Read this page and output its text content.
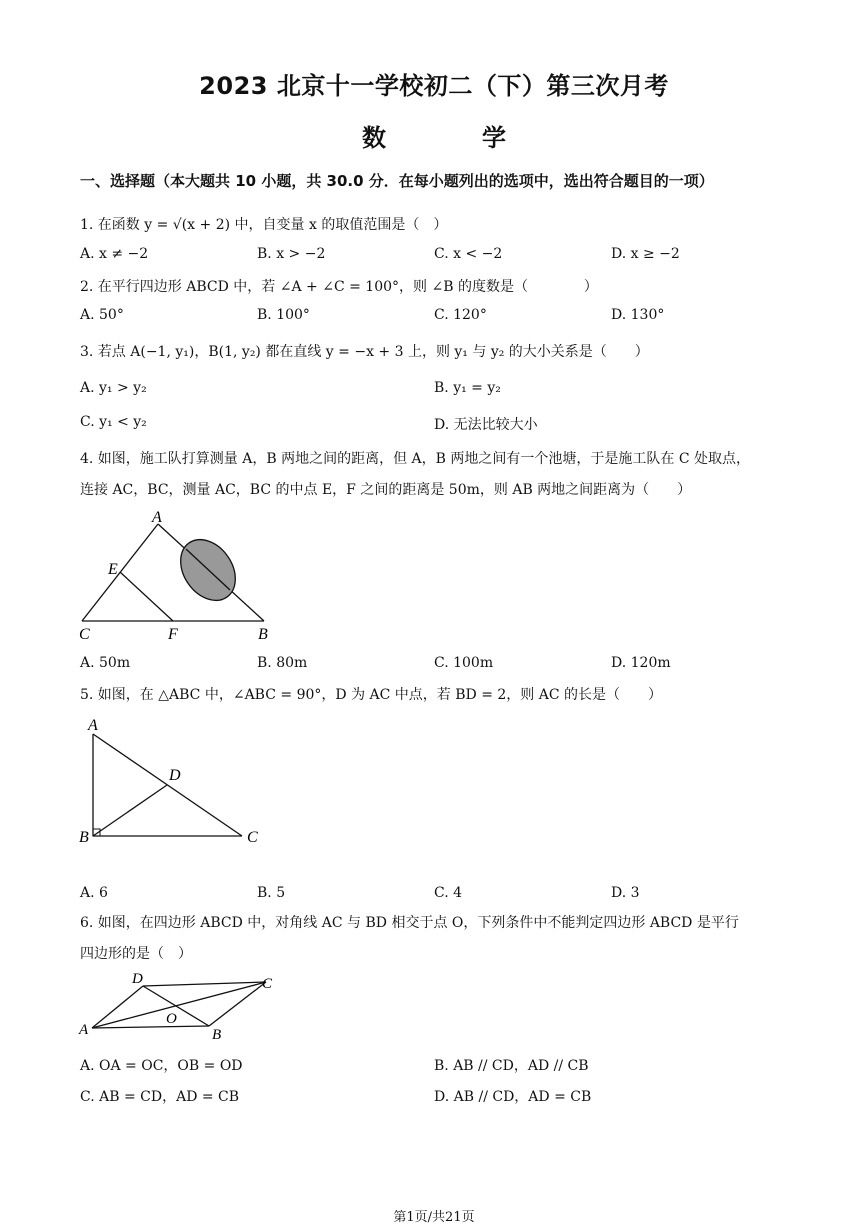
2023 北京十一学校初二（下）第三次月考
数　学
一、选择题（本大题共 10 小题，共 30.0 分．在每小题列出的选项中，选出符合题目的一项）
1. 在函数 y = √(x + 2) 中，自变量 x 的取值范围是（　）
A. x ≠ −2	B. x > −2	C. x < −2	D. x ≥ −2
2. 在平行四边形 ABCD 中，若 ∠A + ∠C = 100°，则 ∠B 的度数是（　　　　）
A. 50°	B. 100°	C. 120°	D. 130°
3. 若点 A(−1, y₁)，B(1, y₂) 都在直线 y = −x + 3 上，则 y₁ 与 y₂ 的大小关系是（　　）
A. y₁ > y₂	B. y₁ = y₂
C. y₁ < y₂	D. 无法比较大小
4. 如图，施工队打算测量 A，B 两地之间的距离，但 A，B 两地之间有一个池塘，于是施工队在 C 处取点，
连接 AC，BC，测量 AC，BC 的中点 E，F 之间的距离是 50m，则 AB 两地之间距离为（　　）
A
E
C	F	B
A. 50m	B. 80m	C. 100m	D. 120m
5. 如图，在 △ABC 中，∠ABC = 90°，D 为 AC 中点，若 BD = 2，则 AC 的长是（　　）
A
D
B	C
A. 6	B. 5	C. 4	D. 3
6. 如图，在四边形 ABCD 中，对角线 AC 与 BD 相交于点 O，下列条件中不能判定四边形 ABCD 是平行
四边形的是（　）
D	C
O
A	B
A. OA = OC，OB = OD	B. AB // CD，AD // CB
C. AB = CD，AD = CB	D. AB // CD，AD = CB
第1页/共21页
